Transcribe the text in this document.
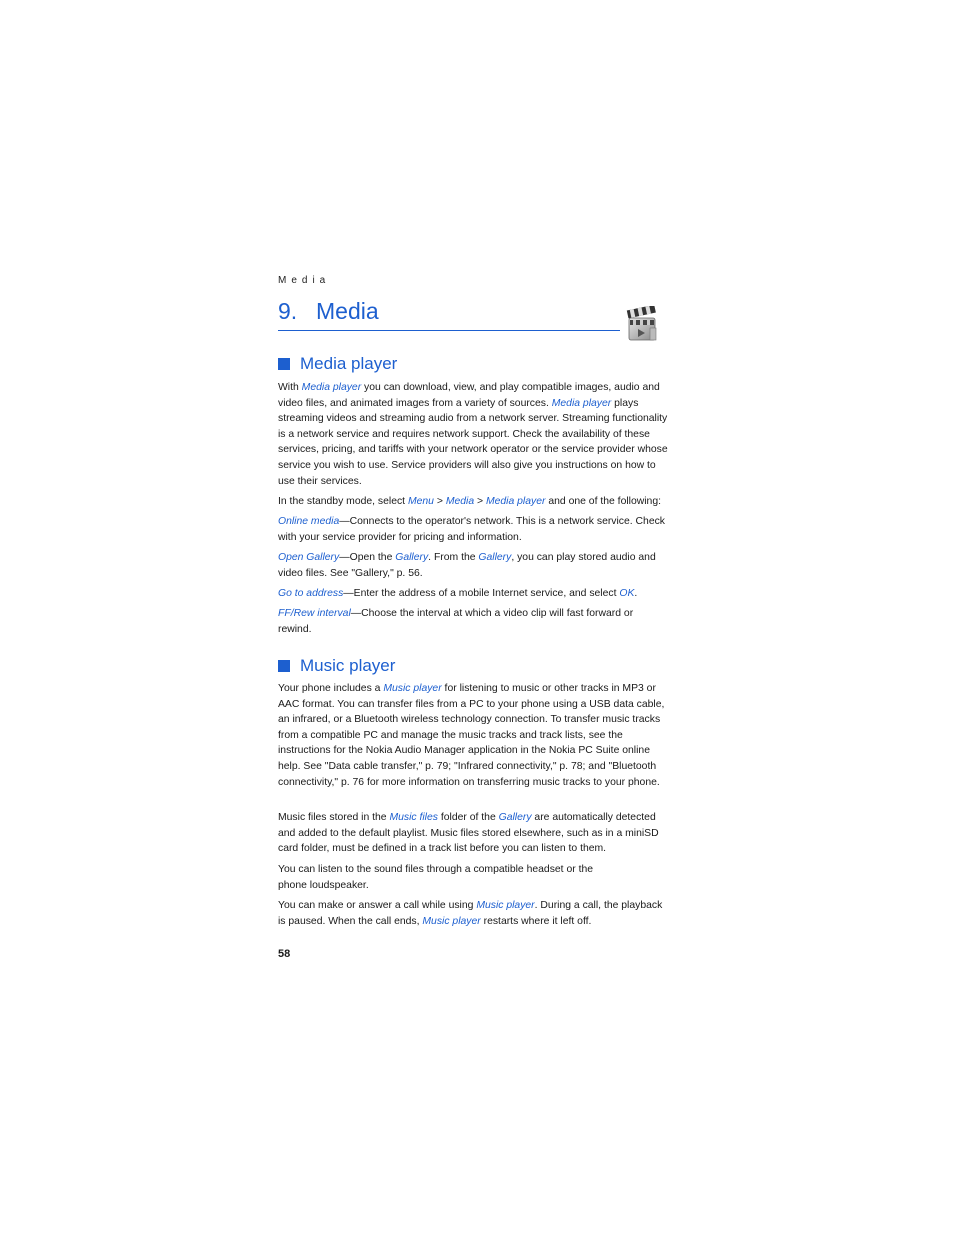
Media
9. Media
Media player

With Media player you can download, view, and play compatible images, audio and video files, and animated images from a variety of sources. Media player plays streaming videos and streaming audio from a network server. Streaming functionality is a network service and requires network support. Check the availability of these services, pricing, and tariffs with your network operator or the service provider whose service you wish to use. Service providers will also give you instructions on how to use their services.

In the standby mode, select Menu > Media > Media player and one of the following:

Online media—Connects to the operator's network. This is a network service. Check with your service provider for pricing and information.

Open Gallery—Open the Gallery. From the Gallery, you can play stored audio and video files. See "Gallery," p. 56.

Go to address—Enter the address of a mobile Internet service, and select OK.

FF/Rew interval—Choose the interval at which a video clip will fast forward or rewind.

Music player

Your phone includes a Music player for listening to music or other tracks in MP3 or AAC format. You can transfer files from a PC to your phone using a USB data cable, an infrared, or a Bluetooth wireless technology connection. To transfer music tracks from a compatible PC and manage the music tracks and track lists, see the instructions for the Nokia Audio Manager application in the Nokia PC Suite online help. See "Data cable transfer," p. 79; "Infrared connectivity," p. 78; and "Bluetooth connectivity," p. 76 for more information on transferring music tracks to your phone.

Music files stored in the Music files folder of the Gallery are automatically detected and added to the default playlist. Music files stored elsewhere, such as in a miniSD card folder, must be defined in a track list before you can listen to them.

You can listen to the sound files through a compatible headset or the phone loudspeaker.

You can make or answer a call while using Music player. During a call, the playback is paused. When the call ends, Music player restarts where it left off.

58
